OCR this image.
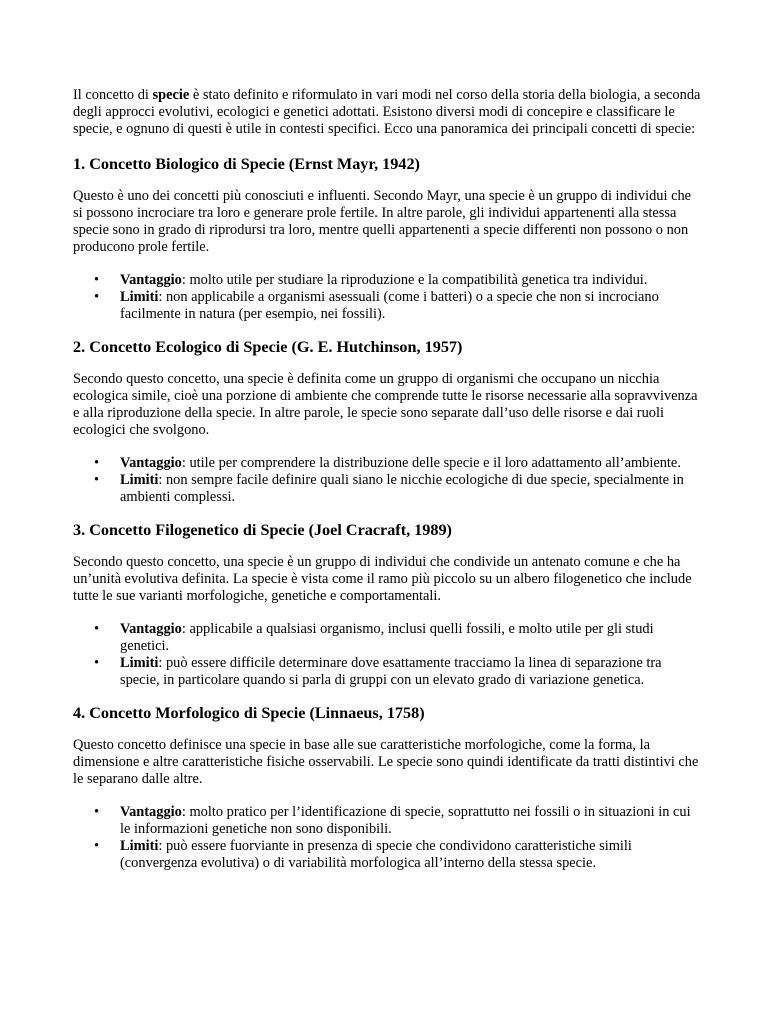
Il concetto di specie è stato definito e riformulato in vari modi nel corso della storia della biologia, a seconda degli approcci evolutivi, ecologici e genetici adottati. Esistono diversi modi di concepire e classificare le specie, e ognuno di questi è utile in contesti specifici. Ecco una panoramica dei principali concetti di specie:

1. Concetto Biologico di Specie (Ernst Mayr, 1942)

Questo è uno dei concetti più conosciuti e influenti. Secondo Mayr, una specie è un gruppo di individui che si possono incrociare tra loro e generare prole fertile. In altre parole, gli individui appartenenti alla stessa specie sono in grado di riprodursi tra loro, mentre quelli appartenenti a specie differenti non possono o non producono prole fertile.

• Vantaggio: molto utile per studiare la riproduzione e la compatibilità genetica tra individui.
• Limiti: non applicabile a organismi asessuali (come i batteri) o a specie che non si incrociano facilmente in natura (per esempio, nei fossili).
2. Concetto Ecologico di Specie (G. E. Hutchinson, 1957)

Secondo questo concetto, una specie è definita come un gruppo di organismi che occupano un nicchia ecologica simile, cioè una porzione di ambiente che comprende tutte le risorse necessarie alla sopravvivenza e alla riproduzione della specie. In altre parole, le specie sono separate dall’uso delle risorse e dai ruoli ecologici che svolgono.

• Vantaggio: utile per comprendere la distribuzione delle specie e il loro adattamento all’ambiente.
• Limiti: non sempre facile definire quali siano le nicchie ecologiche di due specie, specialmente in ambienti complessi.
3. Concetto Filogenetico di Specie (Joel Cracraft, 1989)

Secondo questo concetto, una specie è un gruppo di individui che condivide un antenato comune e che ha un’unità evolutiva definita. La specie è vista come il ramo più piccolo su un albero filogenetico che include tutte le sue varianti morfologiche, genetiche e comportamentali.

• Vantaggio: applicabile a qualsiasi organismo, inclusi quelli fossili, e molto utile per gli studi genetici.
• Limiti: può essere difficile determinare dove esattamente tracciamo la linea di separazione tra specie, in particolare quando si parla di gruppi con un elevato grado di variazione genetica.
4. Concetto Morfologico di Specie (Linnaeus, 1758)

Questo concetto definisce una specie in base alle sue caratteristiche morfologiche, come la forma, la dimensione e altre caratteristiche fisiche osservabili. Le specie sono quindi identificate da tratti distintivi che le separano dalle altre.

• Vantaggio: molto pratico per l’identificazione di specie, soprattutto nei fossili o in situazioni in cui le informazioni genetiche non sono disponibili.
• Limiti: può essere fuorviante in presenza di specie che condividono caratteristiche simili (convergenza evolutiva) o di variabilità morfologica all’interno della stessa specie.
